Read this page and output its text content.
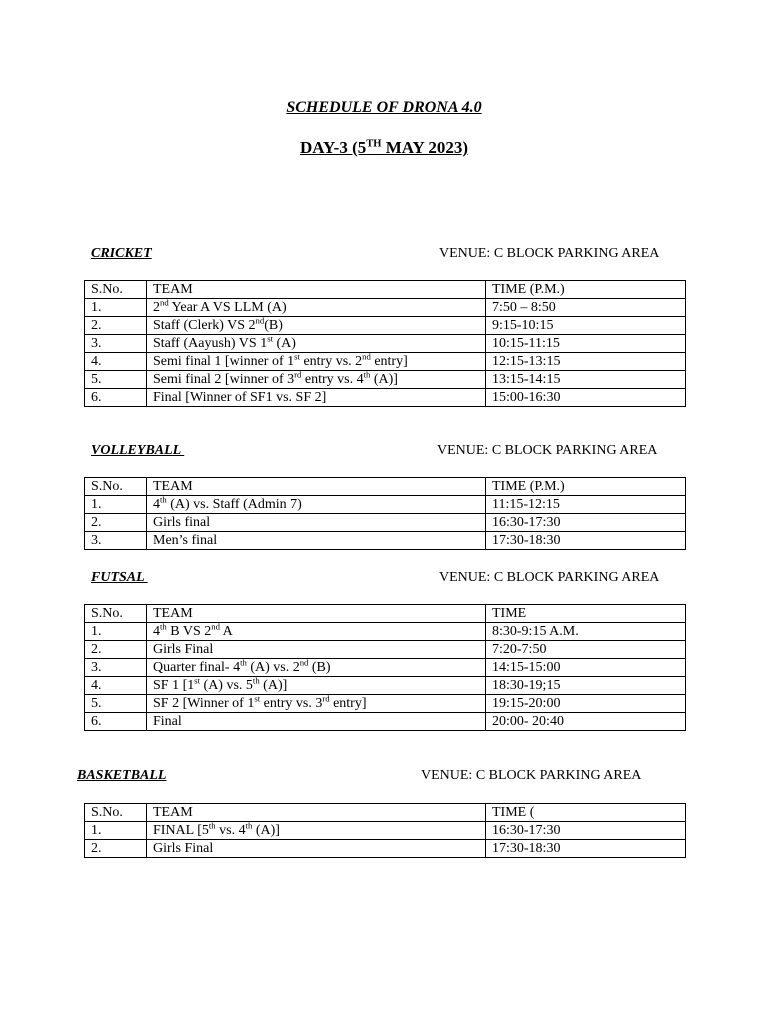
SCHEDULE OF DRONA 4.0
DAY-3 (5TH MAY 2023)
CRICKET	VENUE: C BLOCK PARKING AREA
S.No.	TEAM	TIME (P.M.)
1.	2nd Year A VS LLM (A)	7:50 – 8:50
2.	Staff (Clerk) VS 2nd(B)	9:15-10:15
3.	Staff (Aayush) VS 1st (A)	10:15-11:15
4.	Semi final 1 [winner of 1st entry vs. 2nd entry]	12:15-13:15
5.	Semi final 2 [winner of 3rd entry vs. 4th (A)]	13:15-14:15
6.	Final [Winner of SF1 vs. SF 2]	15:00-16:30
VOLLEYBALL	VENUE: C BLOCK PARKING AREA
S.No.	TEAM	TIME (P.M.)
1.	4th (A) vs. Staff (Admin 7)	11:15-12:15
2.	Girls final	16:30-17:30
3.	Men’s final	17:30-18:30
FUTSAL	VENUE: C BLOCK PARKING AREA
S.No.	TEAM	TIME
1.	4th B VS 2nd A	8:30-9:15 A.M.
2.	Girls Final	7:20-7:50
3.	Quarter final- 4th (A) vs. 2nd (B)	14:15-15:00
4.	SF 1 [1st (A) vs. 5th (A)]	18:30-19;15
5.	SF 2 [Winner of 1st entry vs. 3rd entry]	19:15-20:00
6.	Final	20:00- 20:40
BASKETBALL	VENUE: C BLOCK PARKING AREA
S.No.	TEAM	TIME (
1.	FINAL [5th vs. 4th (A)]	16:30-17:30
2.	Girls Final	17:30-18:30
